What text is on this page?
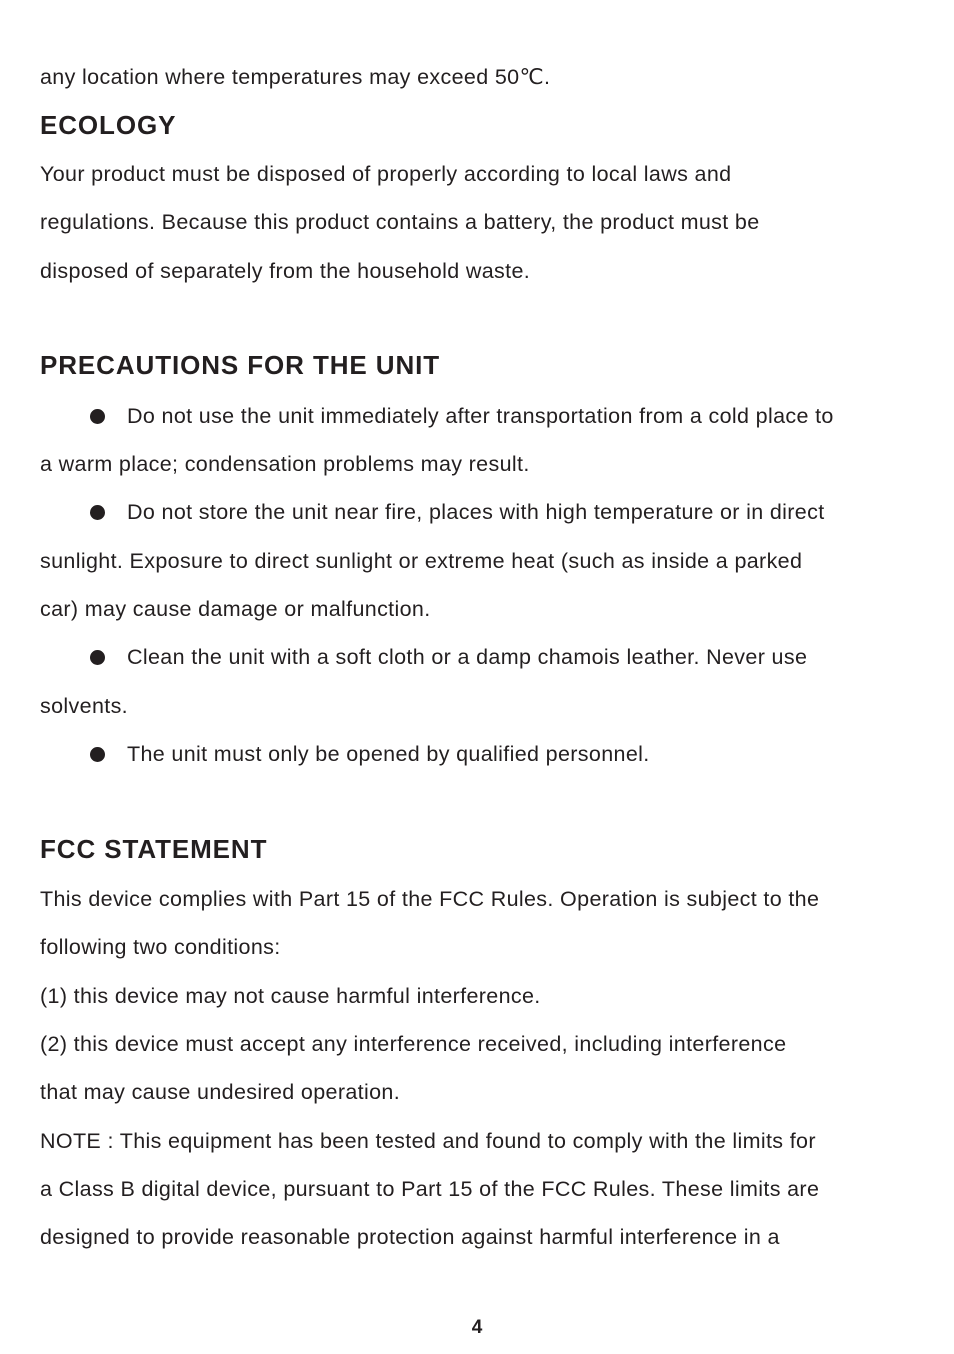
any location where temperatures may exceed 50℃.
ECOLOGY
Your product must be disposed of properly according to local laws and
regulations. Because this product contains a battery, the product must be
disposed of separately from the household waste.
PRECAUTIONS FOR THE UNIT
Do not use the unit immediately after transportation from a cold place to
a warm place; condensation problems may result.
Do not store the unit near fire, places with high temperature or in direct
sunlight. Exposure to direct sunlight or extreme heat (such as inside a parked
car) may cause damage or malfunction.
Clean the unit with a soft cloth or a damp chamois leather. Never use
solvents.
The unit must only be opened by qualified personnel.
FCC STATEMENT
This device complies with Part 15 of the FCC Rules. Operation is subject to the
following two conditions:
(1) this device may not cause harmful interference.
(2) this device must accept any interference received, including interference
that may cause undesired operation.
NOTE : This equipment has been tested and found to comply with the limits for
a Class B digital device, pursuant to Part 15 of the FCC Rules. These limits are
designed to provide reasonable protection against harmful interference in a
4
